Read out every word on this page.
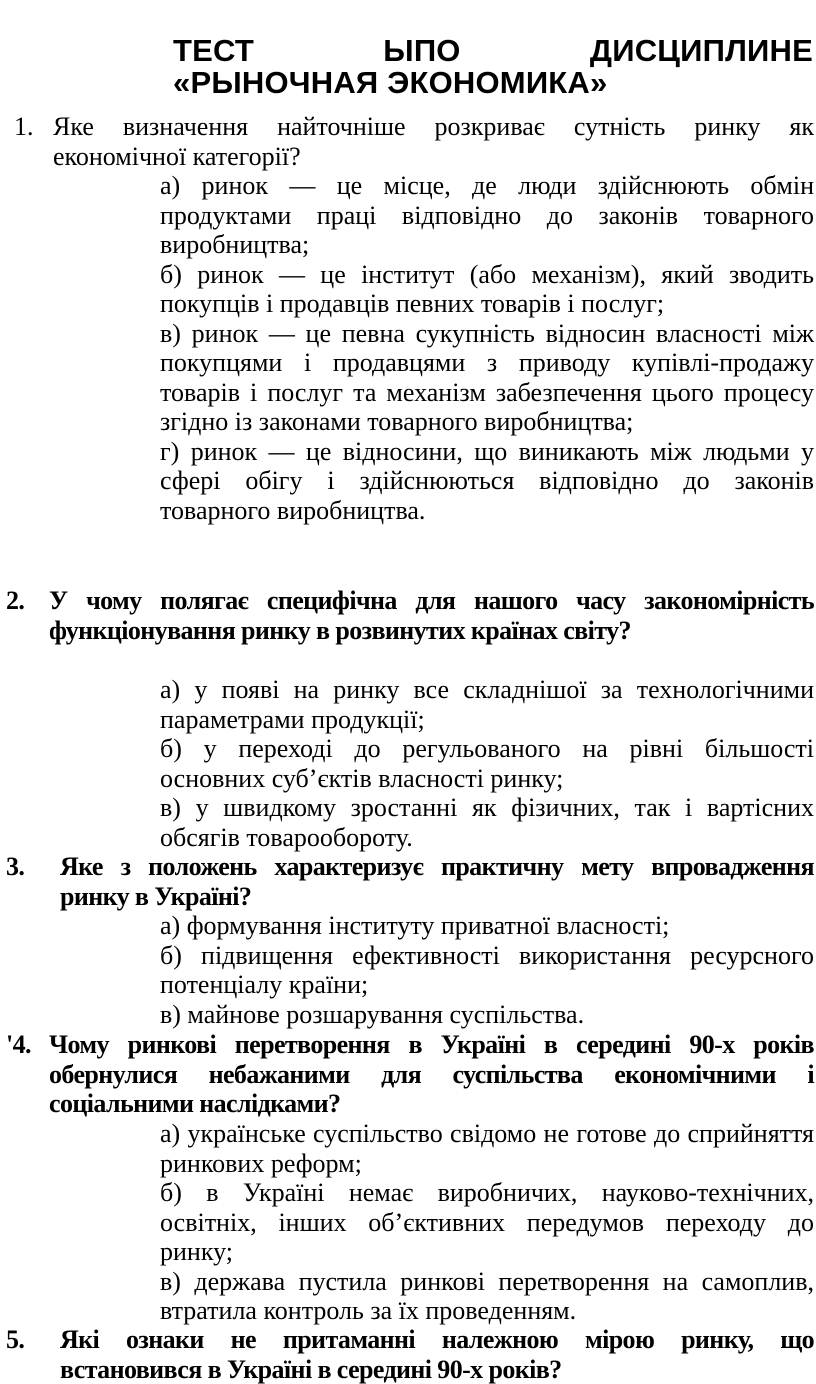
ТЕСТ ЫПО ДИСЦИПЛИНЕ
«РЫНОЧНАЯ ЭКОНОМИКА»
1. Яке визначення найточніше розкриває сутність ринку як економічної категорії?
а) ринок — це місце, де люди здійснюють обмін продуктами праці відповідно до законів товарного виробництва;
б) ринок — це інститут (або механізм), який зводить покупців і продавців певних товарів і послуг;
в) ринок — це певна сукупність відносин власності між покупцями і продавцями з приводу купівлі-продажу товарів і послуг та механізм забезпечення цього процесу згідно із законами товарного виробництва;
г) ринок — це відносини, що виникають між людьми у сфері обігу і здійснюються відповідно до законів товарного виробництва.
2. У чому полягає специфічна для нашого часу закономірність функціонування ринку в розвинутих країнах світу?
а) у появі на ринку все складнішої за технологічними параметрами продукції;
б) у переході до регульованого на рівні більшості основних суб’єктів власності ринку;
в) у швидкому зростанні як фізичних, так і вартісних обсягів товарообороту.
3. Яке з положень характеризує практичну мету впровадження ринку в Україні?
а) формування інституту приватної власності;
б) підвищення ефективності використання ресурсного потенціалу країни;
в) майнове розшарування суспільства.
'4. Чому ринкові перетворення в Україні в середині 90-х років обернулися небажаними для суспільства економічними і соціальними наслідками?
а) українське суспільство свідомо не готове до сприйняття ринкових реформ;
б) в Україні немає виробничих, науково-технічних, освітніх, інших об’єктивних передумов переходу до ринку;
в) держава пустила ринкові перетворення на самоплив, втратила контроль за їх проведенням.
5. Які ознаки не притаманні належною мірою ринку, що встановився в Україні в середині 90-х років?
